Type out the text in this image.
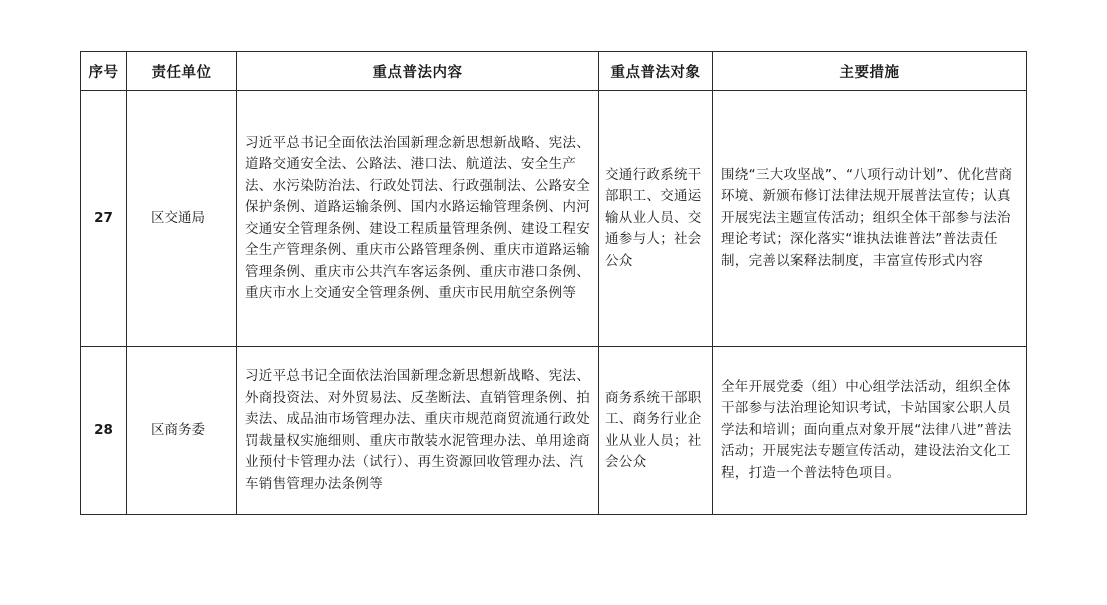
序号	责任单位	重点普法内容	重点普法对象	主要措施
27	区交通局	习近平总书记全面依法治国新理念新思想新战略、宪法、道路交通安全法、公路法、港口法、航道法、安全生产法、水污染防治法、行政处罚法、行政强制法、公路安全保护条例、道路运输条例、国内水路运输管理条例、内河交通安全管理条例、建设工程质量管理条例、建设工程安全生产管理条例、重庆市公路管理条例、重庆市道路运输管理条例、重庆市公共汽车客运条例、重庆市港口条例、重庆市水上交通安全管理条例、重庆市民用航空条例等	交通行政系统干部职工、交通运输从业人员、交通参与人；社会公众	围绕“三大攻坚战”、“八项行动计划”、优化营商环境、新颁布修订法律法规开展普法宣传；认真开展宪法主题宣传活动；组织全体干部参与法治理论考试；深化落实“谁执法谁普法”普法责任制，完善以案释法制度，丰富宣传形式内容
28	区商务委	习近平总书记全面依法治国新理念新思想新战略、宪法、外商投资法、对外贸易法、反垄断法、直销管理条例、拍卖法、成品油市场管理办法、重庆市规范商贸流通行政处罚裁量权实施细则、重庆市散装水泥管理办法、单用途商业预付卡管理办法（试行）、再生资源回收管理办法、汽车销售管理办法条例等	商务系统干部职工、商务行业企业从业人员；社会公众	全年开展党委（组）中心组学法活动，组织全体干部参与法治理论知识考试，卡站国家公职人员学法和培训；面向重点对象开展“法律八进”普法活动；开展宪法专题宣传活动，建设法治文化工程，打造一个普法特色项目。
